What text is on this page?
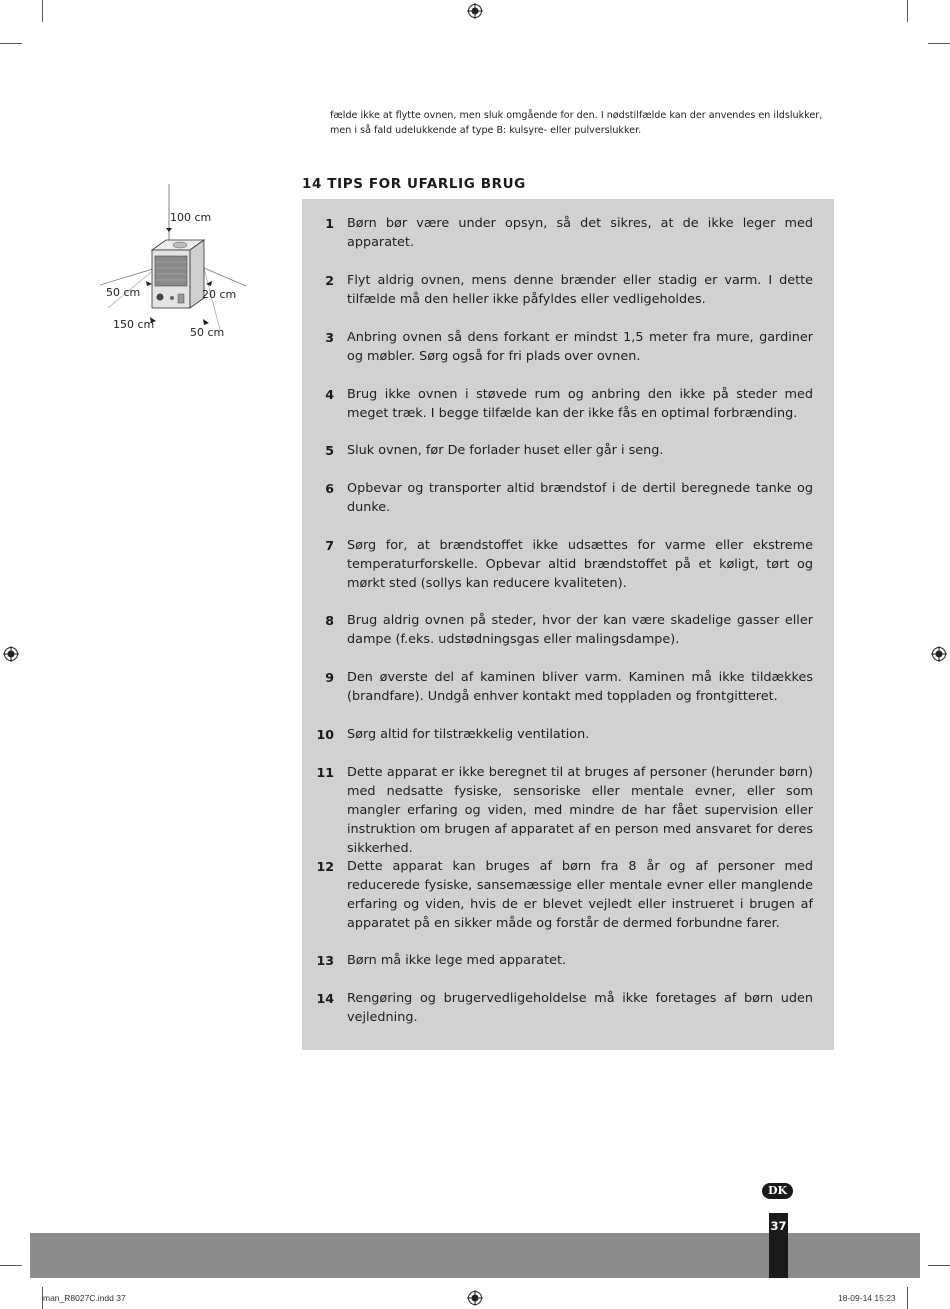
fælde ikke at flytte ovnen, men sluk omgående for den. I nødstilfælde kan der anvendes en ildslukker,
men i så fald udelukkende af type B: kulsyre- eller pulverslukker.
14 TIPS FOR UFARLIG BRUG
100 cm
50 cm	20 cm
150 cm
50 cm
1 Børn bør være under opsyn, så det sikres, at de ikke leger med apparatet.
2 Flyt aldrig ovnen, mens denne brænder eller stadig er varm. I dette tilfælde må den heller ikke påfyldes eller vedligeholdes.
3 Anbring ovnen så dens forkant er mindst 1,5 meter fra mure, gardiner og møbler. Sørg også for fri plads over ovnen.
4 Brug ikke ovnen i støvede rum og anbring den ikke på steder med meget træk. I begge tilfælde kan der ikke fås en optimal forbrænding.
5 Sluk ovnen, før De forlader huset eller går i seng.
6 Opbevar og transporter altid brændstof i de dertil beregnede tanke og dunke.
7 Sørg for, at brændstoffet ikke udsættes for varme eller ekstreme temperaturforskelle. Opbevar altid brændstoffet på et køligt, tørt og mørkt sted (sollys kan reducere kvaliteten).
8 Brug aldrig ovnen på steder, hvor der kan være skadelige gasser eller dampe (f.eks. udstødningsgas eller malingsdampe).
9 Den øverste del af kaminen bliver varm. Kaminen må ikke tildækkes (brandfare). Undgå enhver kontakt med toppladen og frontgitteret.
10 Sørg altid for tilstrækkelig ventilation.
11 Dette apparat er ikke beregnet til at bruges af personer (herunder børn) med nedsatte fysiske, sensoriske eller mentale evner, eller som mangler erfaring og viden, med mindre de har fået supervision eller instruktion om brugen af apparatet af en person med ansvaret for deres sikkerhed.
12 Dette apparat kan bruges af børn fra 8 år og af personer med reducerede fysiske, sansemæssige eller mentale evner eller manglende erfaring og viden, hvis de er blevet vejledt eller instrueret i brugen af apparatet på en sikker måde og forstår de dermed forbundne farer.
13 Børn må ikke lege med apparatet.
14 Rengøring og brugervedligeholdelse må ikke foretages af børn uden vejledning.
DK
37
man_R8027C.indd 37	18-09-14 15:23
